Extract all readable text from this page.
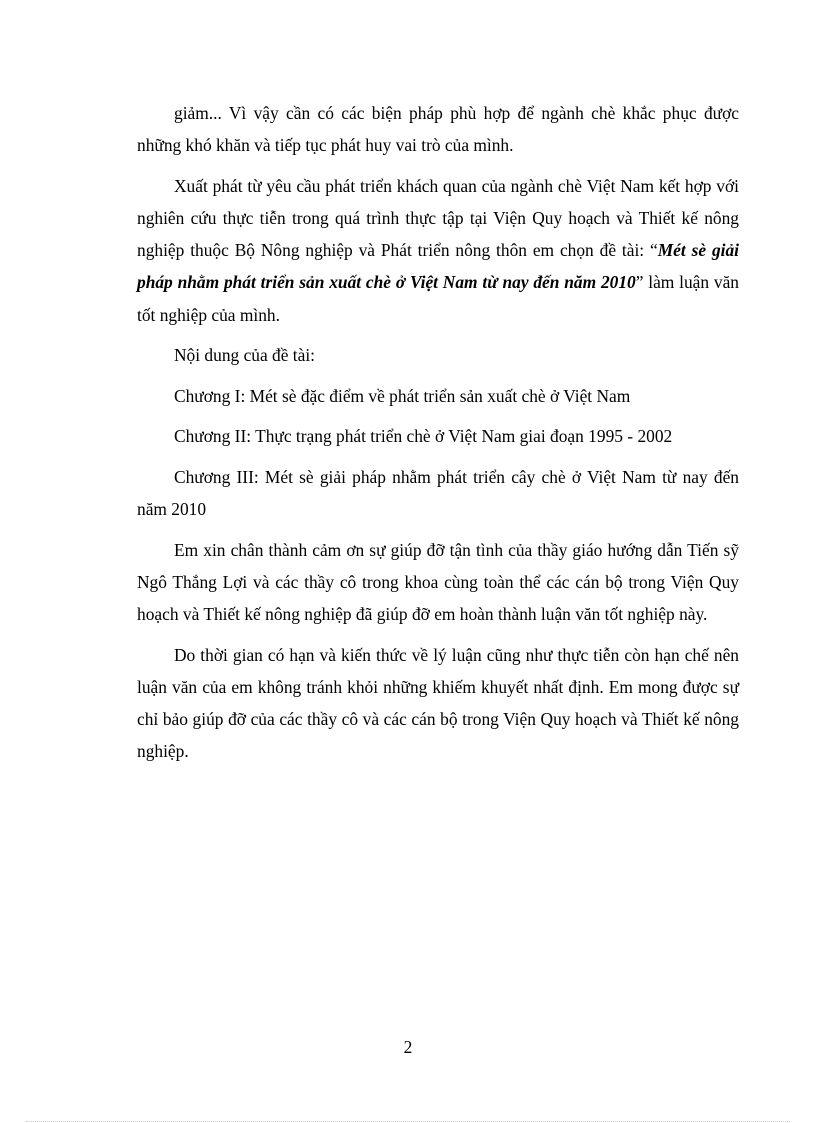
giảm... Vì vậy cần có các biện pháp phù hợp để ngành chè khắc phục được những khó khăn và tiếp tục phát huy vai trò của mình.

Xuất phát từ yêu cầu phát triển khách quan của ngành chè Việt Nam kết hợp với nghiên cứu thực tiễn trong quá trình thực tập tại Viện Quy hoạch và Thiết kế nông nghiệp thuộc Bộ Nông nghiệp và Phát triển nông thôn em chọn đề tài: “Mét sè giải pháp nhằm phát triển sản xuất chè ở Việt Nam từ nay đến năm 2010” làm luận văn tốt nghiệp của mình.

Nội dung của đề tài:

Chương I: Mét sè đặc điểm về phát triển sản xuất chè ở Việt Nam

Chương II: Thực trạng phát triển chè ở Việt Nam giai đoạn 1995 - 2002

Chương III: Mét sè giải pháp nhằm phát triển cây chè ở Việt Nam từ nay đến năm 2010

Em xin chân thành cảm ơn sự giúp đỡ tận tình của thầy giáo hướng dẫn Tiến sỹ Ngô Thắng Lợi và các thầy cô trong khoa cùng toàn thể các cán bộ trong Viện Quy hoạch và Thiết kế nông nghiệp đã giúp đỡ em hoàn thành luận văn tốt nghiệp này.

Do thời gian có hạn và kiến thức về lý luận cũng như thực tiễn còn hạn chế nên luận văn của em không tránh khỏi những khiếm khuyết nhất định. Em mong được sự chỉ bảo giúp đỡ của các thầy cô và các cán bộ trong Viện Quy hoạch và Thiết kế nông nghiệp.

2
